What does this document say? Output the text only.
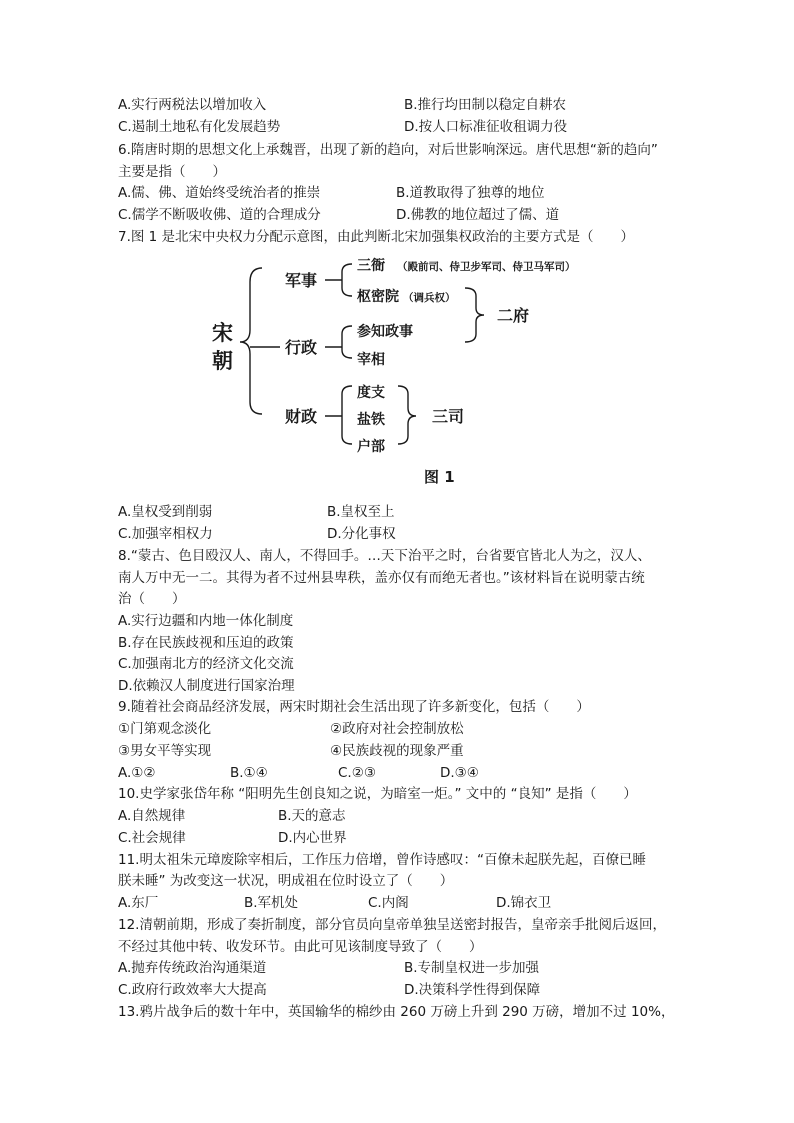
A.实行两税法以增加收入	B.推行均田制以稳定自耕农
C.遏制土地私有化发展趋势	D.按人口标准征收租调力役
6.隋唐时期的思想文化上承魏晋，出现了新的趋向，对后世影响深远。唐代思想“新的趋向”
主要是指（　　）
A.儒、佛、道始终受统治者的推崇	B.道教取得了独尊的地位
C.儒学不断吸收佛、道的合理成分	D.佛教的地位超过了儒、道
7.图 1 是北宋中央权力分配示意图，由此判断北宋加强集权政治的主要方式是（　　）
宋
朝
军事
行政
财政
三衙 （殿前司、侍卫步军司、侍卫马军司）
枢密院 （调兵权）
参知政事
宰相
二府
度支
盐铁
户部
三司
图 1
A.皇权受到削弱	B.皇权至上
C.加强宰相权力	D.分化事权
8.“蒙古、色目殴汉人、南人，不得回手。…天下治平之时，台省要官皆北人为之，汉人、
南人万中无一二。其得为者不过州县卑秩，盖亦仅有而绝无者也。”该材料旨在说明蒙古统
治（　　）
A.实行边疆和内地一体化制度
B.存在民族歧视和压迫的政策
C.加强南北方的经济文化交流
D.依赖汉人制度进行国家治理
9.随着社会商品经济发展，两宋时期社会生活出现了许多新变化，包括（　　）
①门第观念淡化	②政府对社会控制放松
③男女平等实现	④民族歧视的现象严重
A.①②	B.①④	C.②③	D.③④
10.史学家张岱年称 “阳明先生创良知之说，为暗室一炬。” 文中的 “良知” 是指（　　）
A.自然规律	B.天的意志
C.社会规律	D.内心世界
11.明太祖朱元璋废除宰相后，工作压力倍增，曾作诗感叹：“百僚未起朕先起，百僚已睡
朕未睡” 为改变这一状况，明成祖在位时设立了（　　）
A.东厂	B.军机处	C.内阁	D.锦衣卫
12.清朝前期，形成了奏折制度，部分官员向皇帝单独呈送密封报告，皇帝亲手批阅后返回，
不经过其他中转、收发环节。由此可见该制度导致了（　　）
A.抛弃传统政治沟通渠道	B.专制皇权进一步加强
C.政府行政效率大大提高	D.决策科学性得到保障
13.鸦片战争后的数十年中，英国输华的棉纱由 260 万磅上升到 290 万磅，增加不过 10%，
